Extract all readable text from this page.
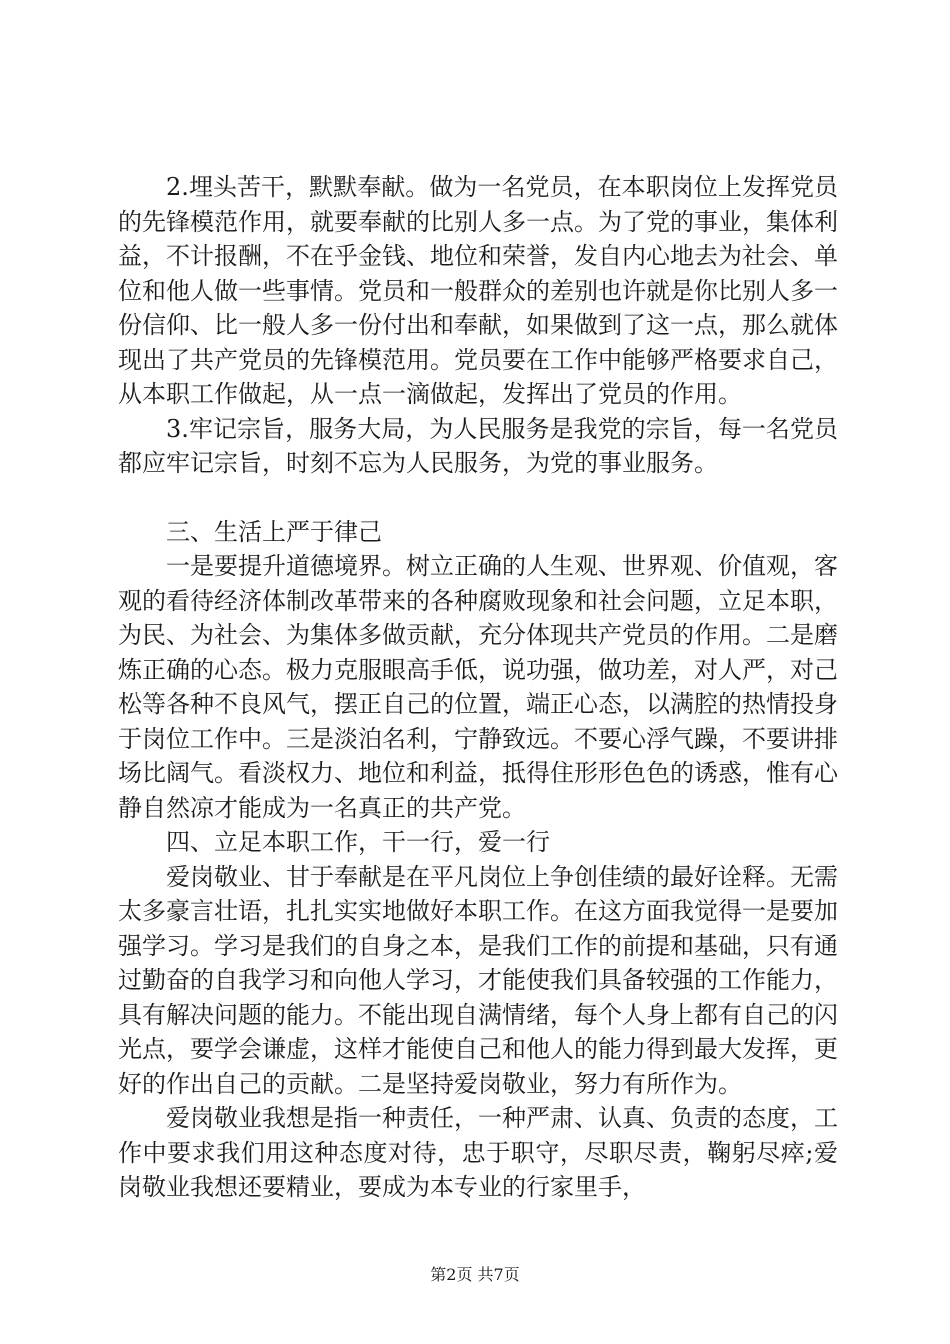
2.埋头苦干，默默奉献。做为一名党员，在本职岗位上发挥党员的先锋模范作用，就要奉献的比别人多一点。为了党的事业，集体利益，不计报酬，不在乎金钱、地位和荣誉，发自内心地去为社会、单位和他人做一些事情。党员和一般群众的差别也许就是你比别人多一份信仰、比一般人多一份付出和奉献，如果做到了这一点，那么就体现出了共产党员的先锋模范用。党员要在工作中能够严格要求自己，从本职工作做起，从一点一滴做起，发挥出了党员的作用。

3.牢记宗旨，服务大局，为人民服务是我党的宗旨，每一名党员都应牢记宗旨，时刻不忘为人民服务，为党的事业服务。

三、生活上严于律己

一是要提升道德境界。树立正确的人生观、世界观、价值观，客观的看待经济体制改革带来的各种腐败现象和社会问题，立足本职，为民、为社会、为集体多做贡献，充分体现共产党员的作用。二是磨炼正确的心态。极力克服眼高手低，说功强，做功差，对人严，对己松等各种不良风气，摆正自己的位置，端正心态，以满腔的热情投身于岗位工作中。三是淡泊名利，宁静致远。不要心浮气躁，不要讲排场比阔气。看淡权力、地位和利益，抵得住形形色色的诱惑，惟有心静自然凉才能成为一名真正的共产党。

四、立足本职工作，干一行，爱一行

爱岗敬业、甘于奉献是在平凡岗位上争创佳绩的最好诠释。无需太多豪言壮语，扎扎实实地做好本职工作。在这方面我觉得一是要加强学习。学习是我们的自身之本，是我们工作的前提和基础，只有通过勤奋的自我学习和向他人学习，才能使我们具备较强的工作能力，具有解决问题的能力。不能出现自满情绪，每个人身上都有自己的闪光点，要学会谦虚，这样才能使自己和他人的能力得到最大发挥，更好的作出自己的贡献。二是坚持爱岗敬业，努力有所作为。

爱岗敬业我想是指一种责任，一种严肃、认真、负责的态度，工作中要求我们用这种态度对待，忠于职守，尽职尽责，鞠躬尽瘁;爱岗敬业我想还要精业，要成为本专业的行家里手，

第2页 共7页
